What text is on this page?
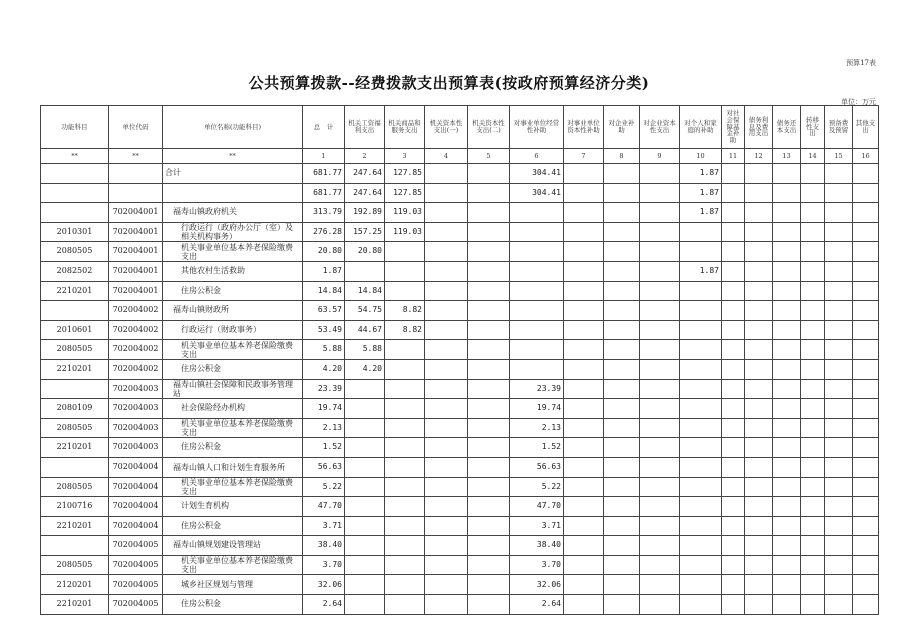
预算17表
公共预算拨款--经费拨款支出预算表(按政府预算经济分类)
单位：万元
功能科目	单位代码	单位名称(功能科目)	总　计	机关工资福利支出	机关商品和服务支出	机关资本性支出(一)	机关资本性支出(二)	对事业单位经常性补助	对事业单位资本性补助	对企业补助	对企业资本性支出	对个人和家庭的补助	对社会保障基金补助	债务利息及费用支出	债务还本支出	转移性支出	预备费及预留	其他支出
**	**	**	1	2	3	4	5	6	7	8	9	10	11	12	13	14	15	16
		合计	681.77	247.64	127.85			304.41				1.87						
			681.77	247.64	127.85			304.41				1.87						
	702004001	福寿山镇政府机关	313.79	192.89	119.03							1.87						
2010301	702004001	行政运行（政府办公厅（室）及相关机构事务）	276.28	157.25	119.03													
2080505	702004001	机关事业单位基本养老保险缴费支出	20.80	20.80														
2082502	702004001	其他农村生活救助	1.87									1.87						
2210201	702004001	住房公积金	14.84	14.84														
	702004002	福寿山镇财政所	63.57	54.75	8.82													
2010601	702004002	行政运行（财政事务）	53.49	44.67	8.82													
2080505	702004002	机关事业单位基本养老保险缴费支出	5.88	5.88														
2210201	702004002	住房公积金	4.20	4.20														
	702004003	福寿山镇社会保障和民政事务管理站	23.39					23.39										
2080109	702004003	社会保险经办机构	19.74					19.74										
2080505	702004003	机关事业单位基本养老保险缴费支出	2.13					2.13										
2210201	702004003	住房公积金	1.52					1.52										
	702004004	福寿山镇人口和计划生育服务所	56.63					56.63										
2080505	702004004	机关事业单位基本养老保险缴费支出	5.22					5.22										
2100716	702004004	计划生育机构	47.70					47.70										
2210201	702004004	住房公积金	3.71					3.71										
	702004005	福寿山镇规划建设管理站	38.40					38.40										
2080505	702004005	机关事业单位基本养老保险缴费支出	3.70					3.70										
2120201	702004005	城乡社区规划与管理	32.06					32.06										
2210201	702004005	住房公积金	2.64					2.64										
